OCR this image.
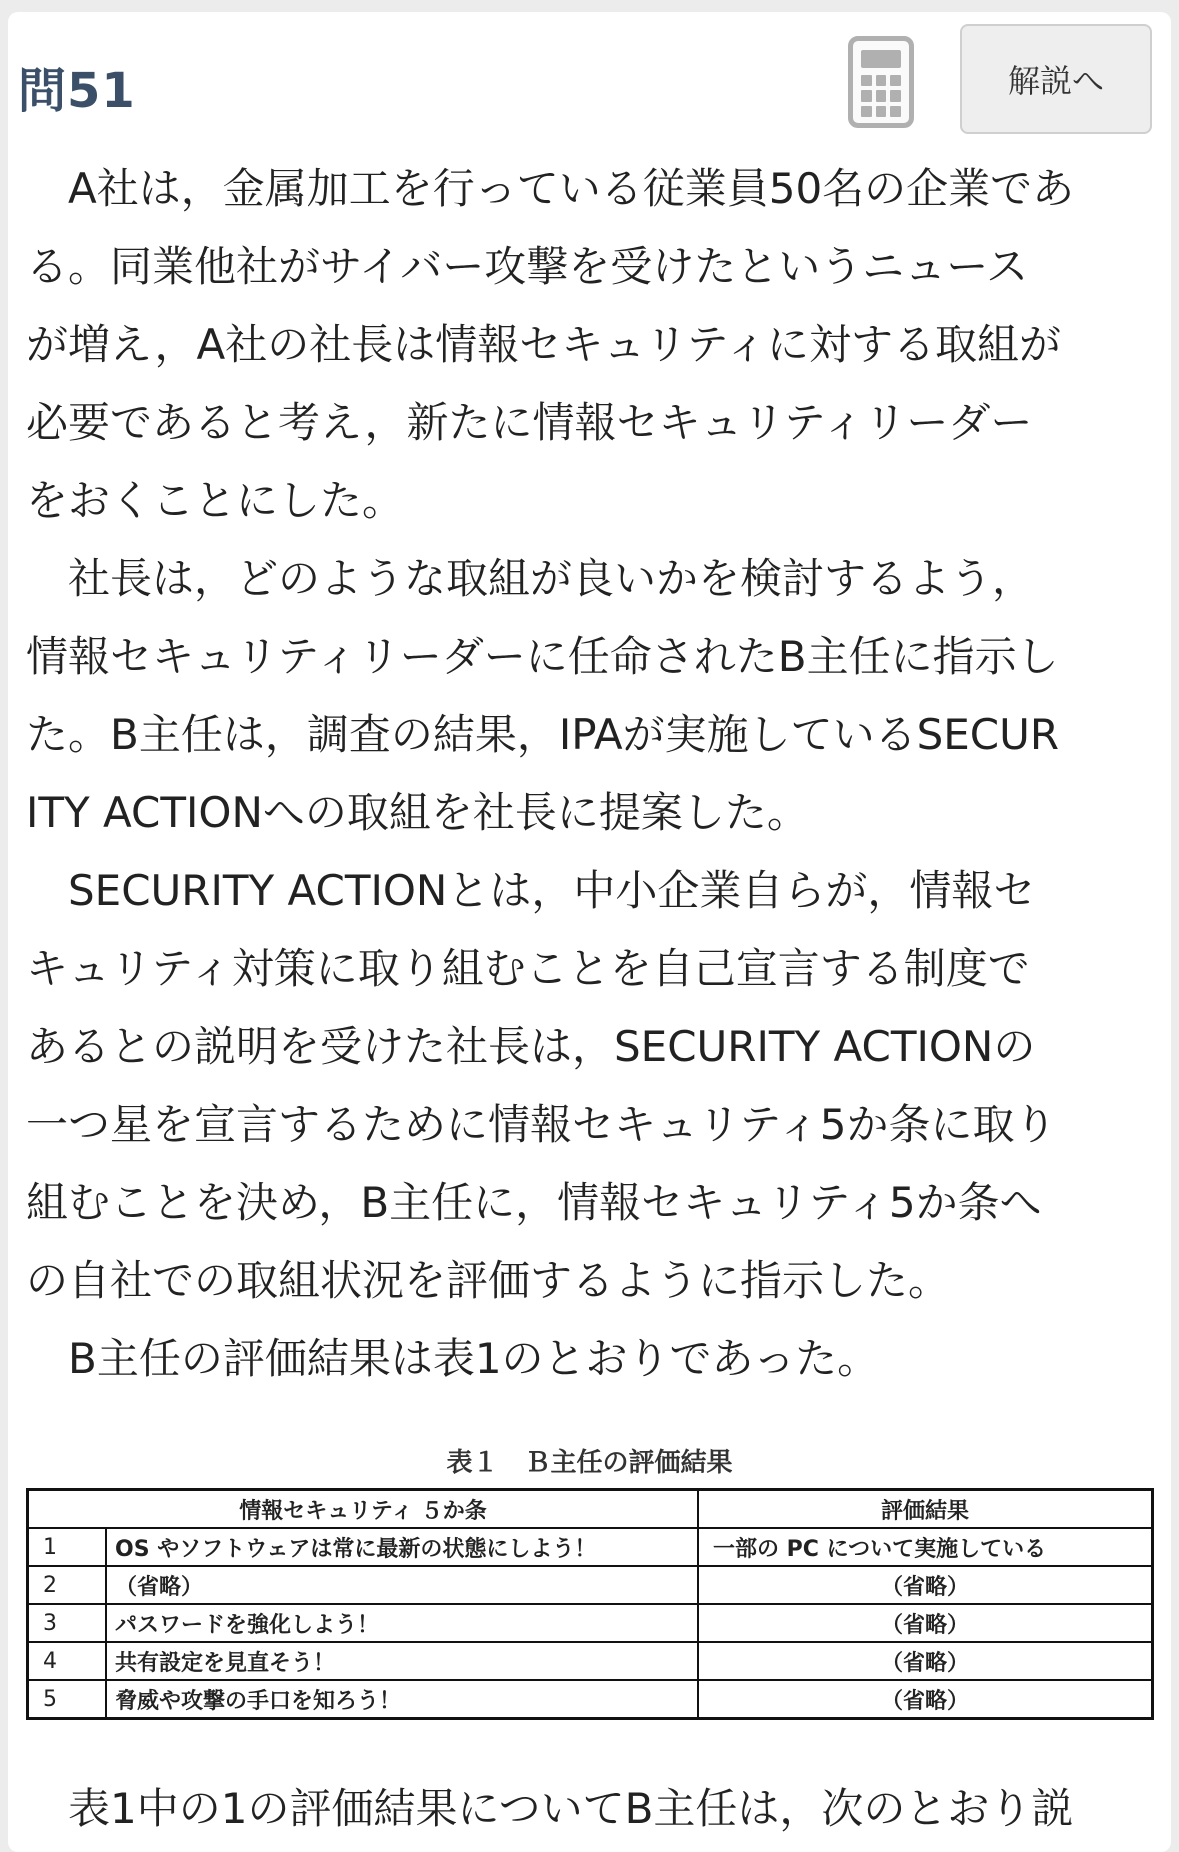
問51	解説へ
　A社は，金属加工を行っている従業員50名の企業であ
る。同業他社がサイバー攻撃を受けたというニュース
が増え，A社の社長は情報セキュリティに対する取組が
必要であると考え，新たに情報セキュリティリーダー
をおくことにした。
　社長は，どのような取組が良いかを検討するよう，
情報セキュリティリーダーに任命されたB主任に指示し
た。B主任は，調査の結果，IPAが実施しているSECUR
ITY ACTIONへの取組を社長に提案した。
　SECURITY ACTIONとは，中小企業自らが，情報セ
キュリティ対策に取り組むことを自己宣言する制度で
あるとの説明を受けた社長は，SECURITY ACTIONの
一つ星を宣言するために情報セキュリティ5か条に取り
組むことを決め，B主任に，情報セキュリティ5か条へ
の自社での取組状況を評価するように指示した。
　B主任の評価結果は表1のとおりであった。
表１　Ｂ主任の評価結果
情報セキュリティ ５か条		評価結果
1	OS やソフトウェアは常に最新の状態にしよう！	一部の PC について実施している
2	（省略）	（省略）
3	パスワードを強化しよう！	（省略）
4	共有設定を見直そう！	（省略）
5	脅威や攻撃の手口を知ろう！	（省略）
　表1中の1の評価結果についてB主任は，次のとおり説
